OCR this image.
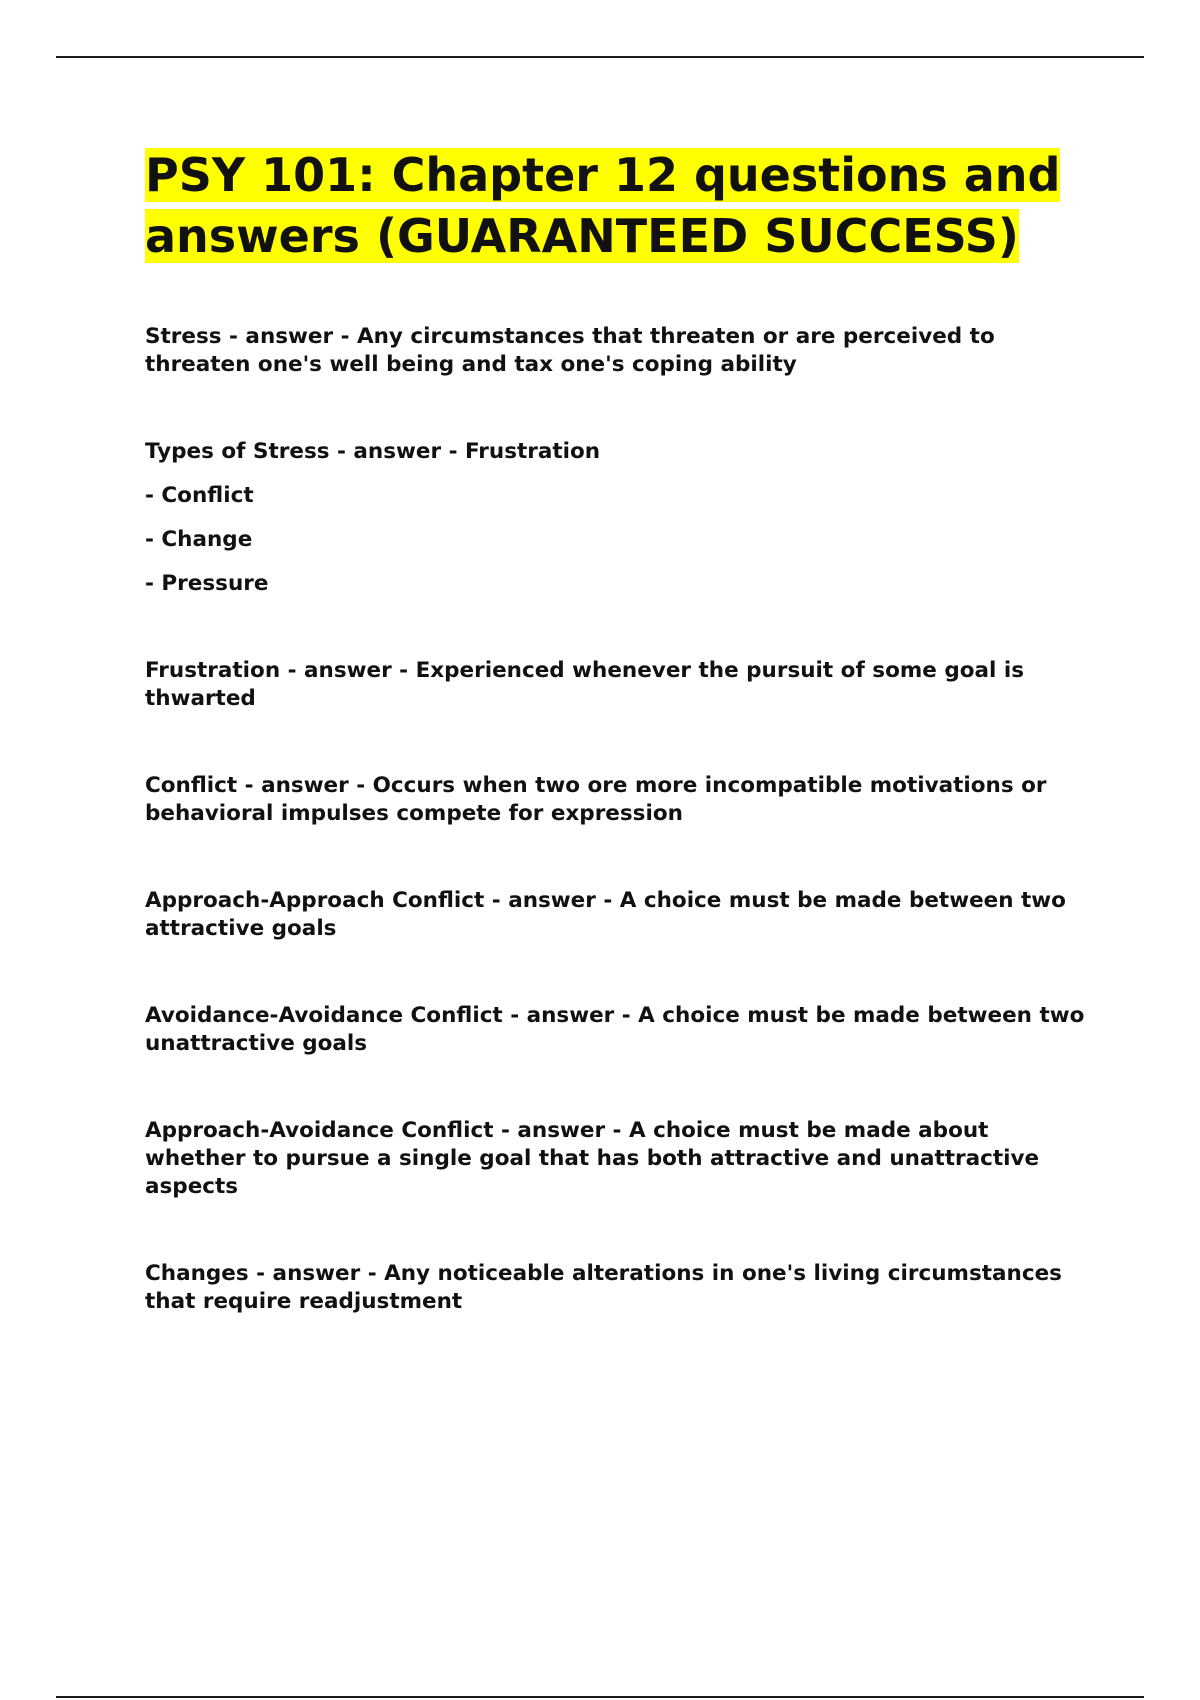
PSY 101: Chapter 12 questions and answers (GUARANTEED SUCCESS)

Stress - answer - Any circumstances that threaten or are perceived to threaten one's well being and tax one's coping ability

Types of Stress - answer - Frustration
- Conflict
- Change
- Pressure

Frustration - answer - Experienced whenever the pursuit of some goal is thwarted

Conflict - answer - Occurs when two ore more incompatible motivations or behavioral impulses compete for expression

Approach-Approach Conflict - answer - A choice must be made between two attractive goals

Avoidance-Avoidance Conflict - answer - A choice must be made between two unattractive goals

Approach-Avoidance Conflict - answer - A choice must be made about whether to pursue a single goal that has both attractive and unattractive aspects

Changes - answer - Any noticeable alterations in one's living circumstances that require readjustment
